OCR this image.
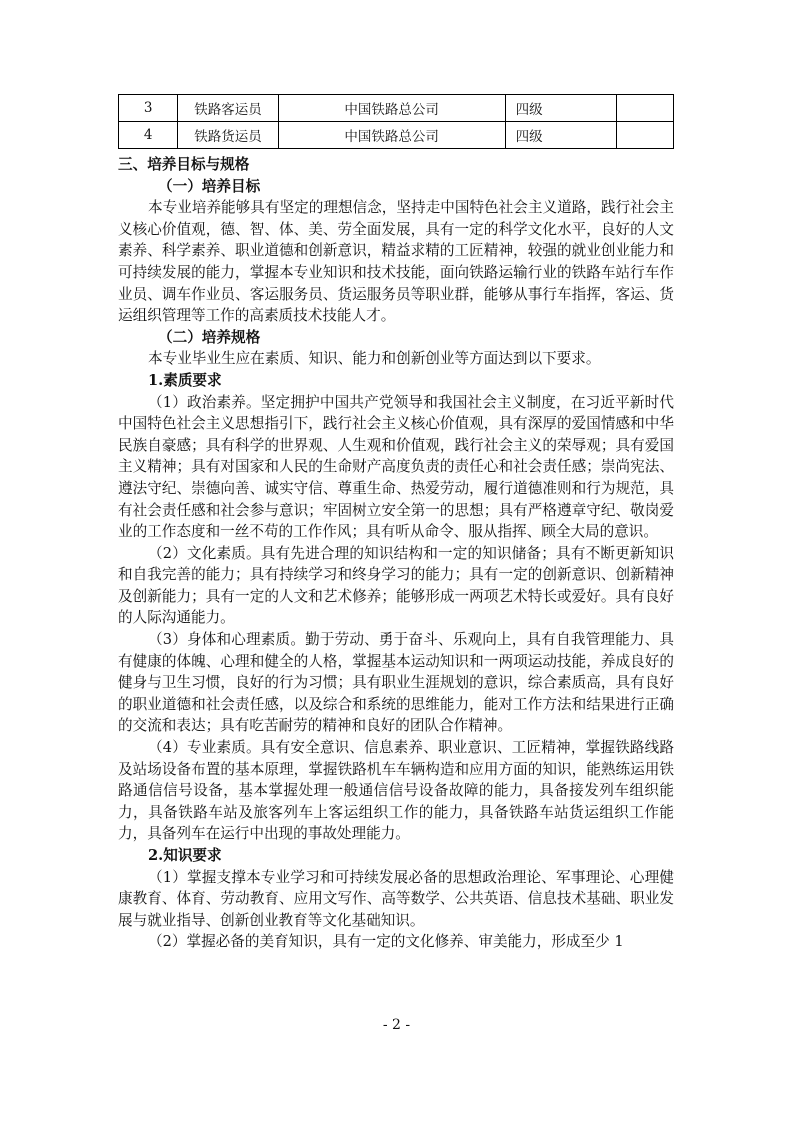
3	铁路客运员	中国铁路总公司	四级	
4	铁路货运员	中国铁路总公司	四级	

三、培养目标与规格

（一）培养目标

本专业培养能够具有坚定的理想信念，坚持走中国特色社会主义道路，践行社会主义核心价值观，德、智、体、美、劳全面发展，具有一定的科学文化水平，良好的人文素养、科学素养、职业道德和创新意识，精益求精的工匠精神，较强的就业创业能力和可持续发展的能力，掌握本专业知识和技术技能，面向铁路运输行业的铁路车站行车作业员、调车作业员、客运服务员、货运服务员等职业群，能够从事行车指挥，客运、货运组织管理等工作的高素质技术技能人才。

（二）培养规格

本专业毕业生应在素质、知识、能力和创新创业等方面达到以下要求。

1.素质要求

（1）政治素养。坚定拥护中国共产党领导和我国社会主义制度，在习近平新时代中国特色社会主义思想指引下，践行社会主义核心价值观，具有深厚的爱国情感和中华民族自豪感；具有科学的世界观、人生观和价值观，践行社会主义的荣辱观；具有爱国主义精神；具有对国家和人民的生命财产高度负责的责任心和社会责任感；崇尚宪法、遵法守纪、崇德向善、诚实守信、尊重生命、热爱劳动，履行道德准则和行为规范，具有社会责任感和社会参与意识；牢固树立安全第一的思想；具有严格遵章守纪、敬岗爱业的工作态度和一丝不苟的工作作风；具有听从命令、服从指挥、顾全大局的意识。

（2）文化素质。具有先进合理的知识结构和一定的知识储备；具有不断更新知识和自我完善的能力；具有持续学习和终身学习的能力；具有一定的创新意识、创新精神及创新能力；具有一定的人文和艺术修养；能够形成一两项艺术特长或爱好。具有良好的人际沟通能力。

（3）身体和心理素质。勤于劳动、勇于奋斗、乐观向上，具有自我管理能力、具有健康的体魄、心理和健全的人格，掌握基本运动知识和一两项运动技能，养成良好的健身与卫生习惯，良好的行为习惯；具有职业生涯规划的意识，综合素质高，具有良好的职业道德和社会责任感，以及综合和系统的思维能力，能对工作方法和结果进行正确的交流和表达；具有吃苦耐劳的精神和良好的团队合作精神。

（4）专业素质。具有安全意识、信息素养、职业意识、工匠精神，掌握铁路线路及站场设备布置的基本原理，掌握铁路机车车辆构造和应用方面的知识，能熟练运用铁路通信信号设备，基本掌握处理一般通信信号设备故障的能力，具备接发列车组织能力，具备铁路车站及旅客列车上客运组织工作的能力，具备铁路车站货运组织工作能力，具备列车在运行中出现的事故处理能力。

2.知识要求

（1）掌握支撑本专业学习和可持续发展必备的思想政治理论、军事理论、心理健康教育、体育、劳动教育、应用文写作、高等数学、公共英语、信息技术基础、职业发展与就业指导、创新创业教育等文化基础知识。

（2）掌握必备的美育知识，具有一定的文化修养、审美能力，形成至少 1

- 2 -
